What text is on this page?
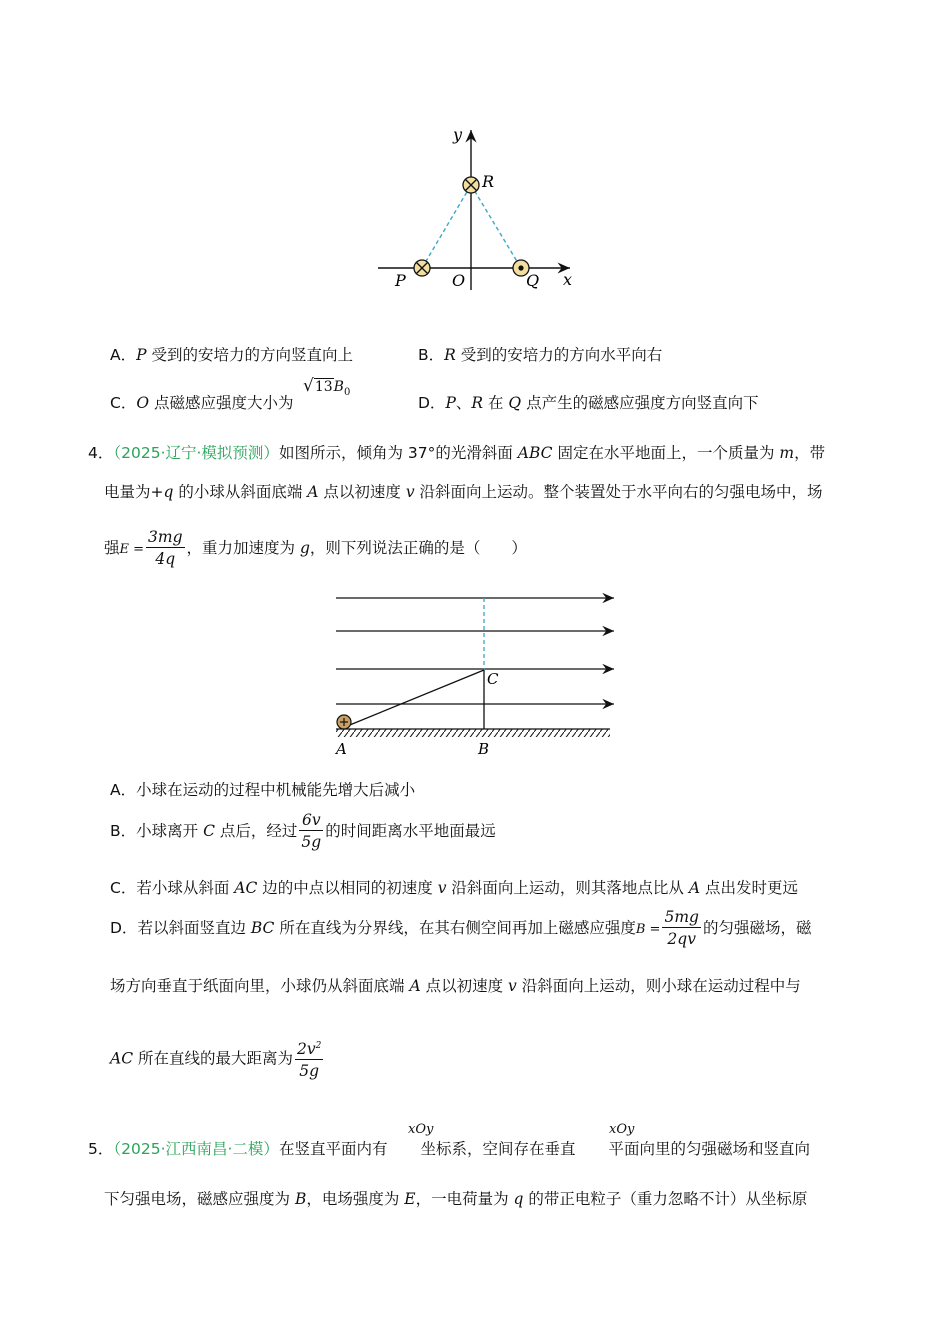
y
x
R
P	O	Q
A．P 受到的安培力的方向竖直向上	B．R 受到的安培力的方向水平向右
C．O 点磁感应强度大小为
$√13B_0$
D．P、R 在 Q 点产生的磁感应强度方向竖直向下
4．（2025·辽宁·模拟预测）如图所示，倾角为 37°的光滑斜面 ABC 固定在水平地面上，一个质量为 m，带
电量为+q 的小球从斜面底端 A 点以初速度 v 沿斜面向上运动。整个装置处于水平向右的匀强电场中，场
强$E = \frac{3mg}{4q}$ ，重力加速度为 g，则下列说法正确的是（　　）
A	B
C
A．小球在运动的过程中机械能先增大后减小
B．小球离开 C 点后，经过 $\frac{6v}{5g}$ 的时间距离水平地面最远
C．若小球从斜面 AC 边的中点以相同的初速度 v 沿斜面向上运动，则其落地点比从 A 点出发时更远
D．若以斜面竖直边 BC 所在直线为分界线，在其右侧空间再加上磁感应强度$B = \frac{5mg}{2qv}$ 的匀强磁场，磁
场方向垂直于纸面向里，小球仍从斜面底端 A 点以初速度 v 沿斜面向上运动，则小球在运动过程中与
AC 所在直线的最大距离为 $\frac{2v^2}{5g}$
5．（2025·江西南昌·二模）在竖直平面内有 坐标系，空间存在垂直 平面向里的匀强磁场和竖直向
xOy	xOy
下匀强电场，磁感应强度为 B，电场强度为 E，一电荷量为 q 的带正电粒子（重力忽略不计）从坐标原
